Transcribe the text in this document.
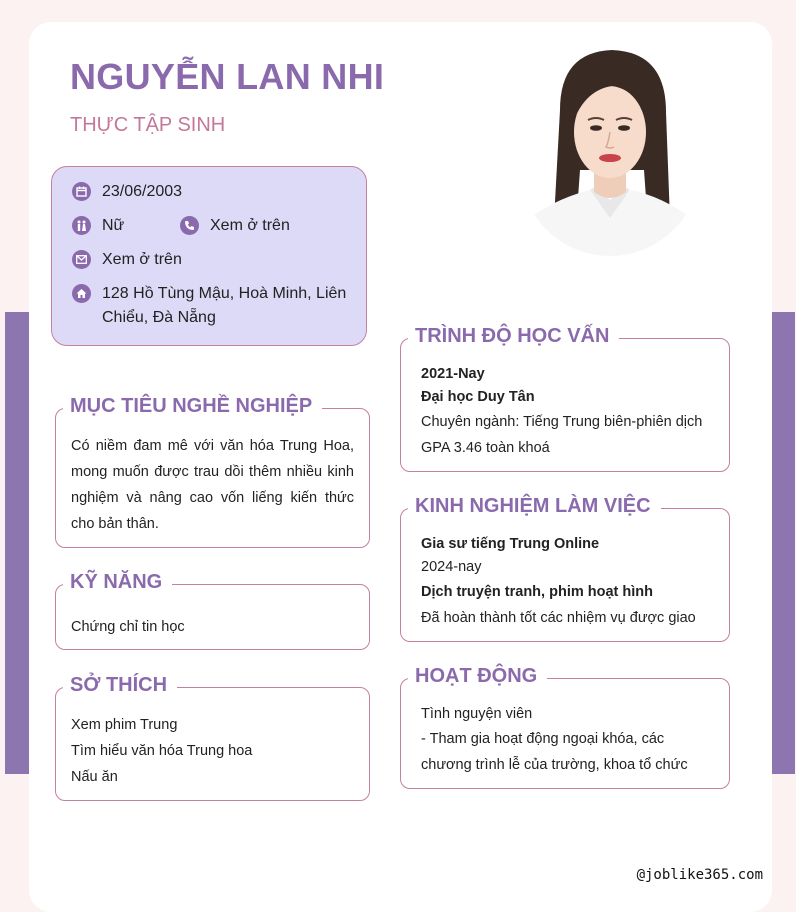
NGUYỄN LAN NHI
THỰC TẬP SINH
23/06/2003
Nữ	Xem ở trên
Xem ở trên
128 Hồ Tùng Mậu, Hoà Minh, Liên Chiểu, Đà Nẵng
MỤC TIÊU NGHỀ NGHIỆP
Có niềm đam mê với văn hóa Trung Hoa, mong muốn được trau dồi thêm nhiều kinh nghiệm và nâng cao vốn liếng kiến thức cho bản thân.
KỸ NĂNG
Chứng chỉ tin học
SỞ THÍCH
Xem phim Trung
Tìm hiểu văn hóa Trung hoa
Nấu ăn
TRÌNH ĐỘ HỌC VẤN
2021-Nay
Đại học Duy Tân
Chuyên ngành: Tiếng Trung biên-phiên dịch
GPA 3.46 toàn khoá
KINH NGHIỆM LÀM VIỆC
Gia sư tiếng Trung Online
2024-nay
Dịch truyện tranh, phim hoạt hình
Đã hoàn thành tốt các nhiệm vụ được giao
HOẠT ĐỘNG
Tình nguyện viên
- Tham gia hoạt động ngoại khóa, các chương trình lễ của trường, khoa tổ chức
@joblike365.com
